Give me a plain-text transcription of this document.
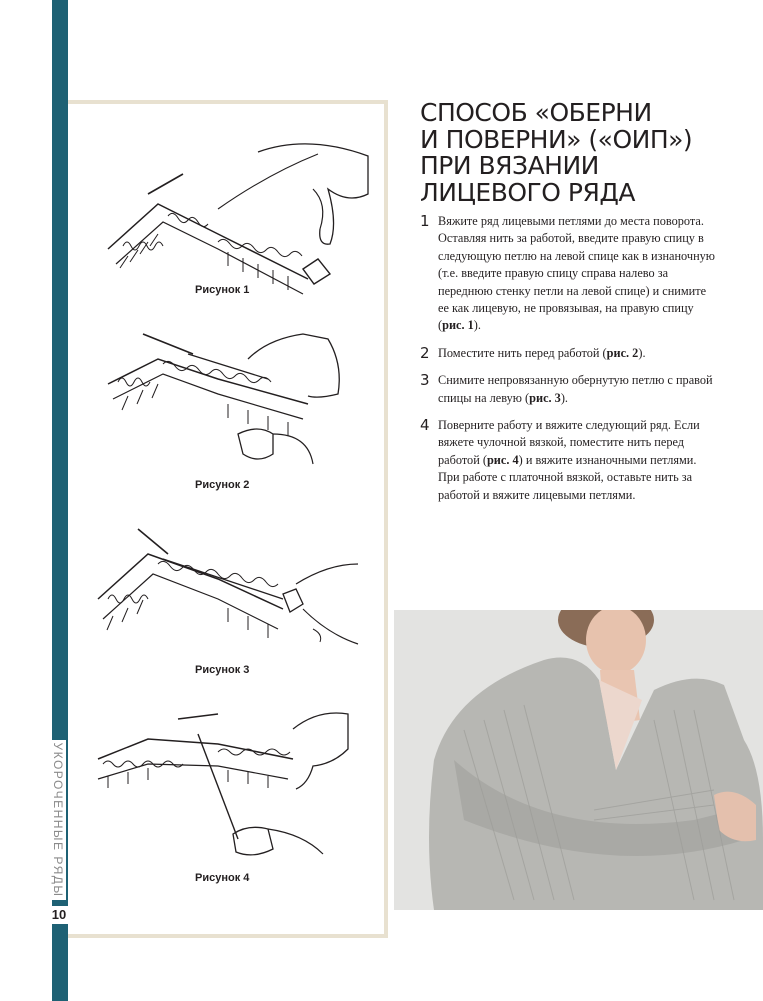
УКОРОЧЕННЫЕ РЯДЫ
10
Рисунок 1
Рисунок 2
Рисунок 3
Рисунок 4
СПОСОБ «ОБЕРНИ
И ПОВЕРНИ» («ОИП»)
ПРИ ВЯЗАНИИ
ЛИЦЕВОГО РЯДА
1 Вяжите ряд лицевыми петлями до места поворота. Оставляя нить за работой, введите правую спицу в следующую петлю на левой спице как в изнаночную (т.е. введите правую спицу справа налево за переднюю стенку петли на левой спице) и снимите ее как лицевую, не провязывая, на правую спицу (рис. 1).
2 Поместите нить перед работой (рис. 2).
3 Снимите непровязанную обернутую петлю с правой спицы на левую (рис. 3).
4 Поверните работу и вяжите следующий ряд. Если вяжете чулочной вязкой, поместите нить перед работой (рис. 4) и вяжите изнаночными петлями. При работе с платочной вязкой, оставьте нить за работой и вяжите лицевыми петлями.
